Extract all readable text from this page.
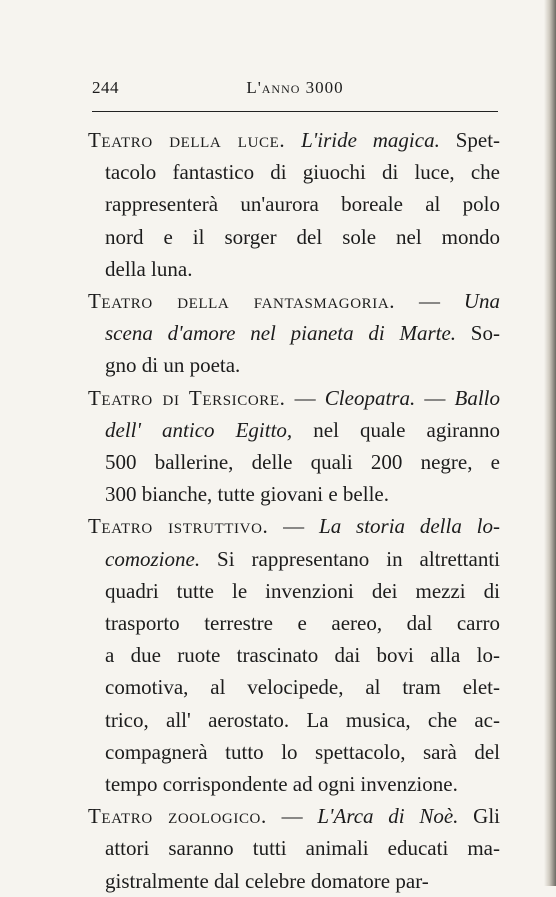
244	L'anno 3000
Teatro della luce. L'iride magica. Spet-
tacolo fantastico di giuochi di luce, che
rappresenterà un'aurora boreale al polo
nord e il sorger del sole nel mondo
della luna.
Teatro della fantasmagoria. — Una
scena d'amore nel pianeta di Marte. So-
gno di un poeta.
Teatro di Tersicore. — Cleopatra. — Ballo
dell' antico Egitto, nel quale agiranno
500 ballerine, delle quali 200 negre, e
300 bianche, tutte giovani e belle.
Teatro istruttivo. — La storia della lo-
comozione. Si rappresentano in altrettanti
quadri tutte le invenzioni dei mezzi di
trasporto terrestre e aereo, dal carro
a due ruote trascinato dai bovi alla lo-
comotiva, al velocipede, al tram elet-
trico, all' aerostato. La musica, che ac-
compagnerà tutto lo spettacolo, sarà del
tempo corrispondente ad ogni invenzione.
Teatro zoologico. — L'Arca di Noè. Gli
attori saranno tutti animali educati ma-
gistralmente dal celebre domatore par-
